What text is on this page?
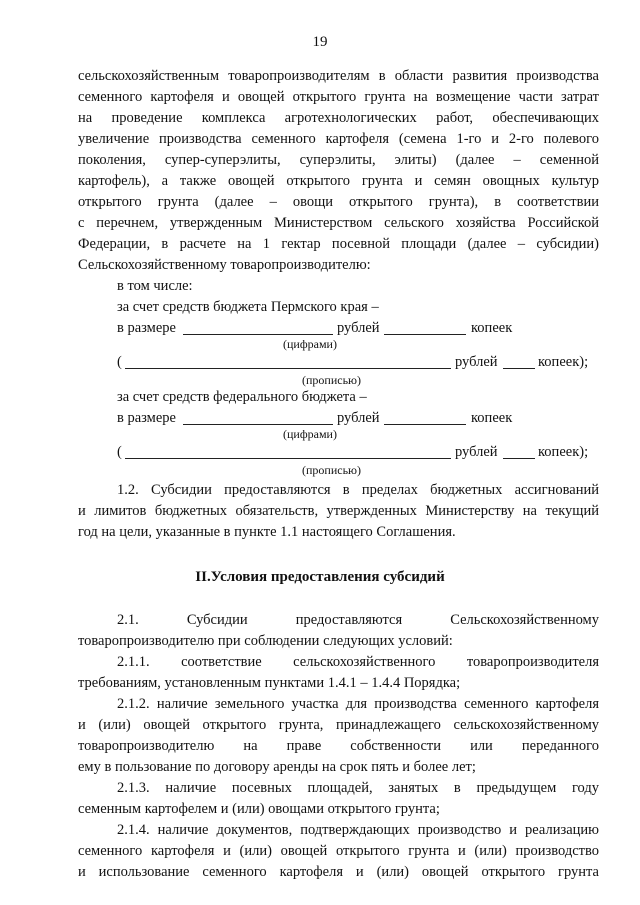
19
сельскохозяйственным товаропроизводителям в области развития производства
семенного картофеля и овощей открытого грунта на возмещение части затрат
на проведение комплекса агротехнологических работ, обеспечивающих
увеличение производства семенного картофеля (семена 1-го и 2-го полевого
поколения, супер-суперэлиты, суперэлиты, элиты) (далее – семенной
картофель), а также овощей открытого грунта и семян овощных культур
открытого грунта (далее – овощи открытого грунта), в соответствии
с перечнем, утвержденным Министерством сельского хозяйства Российской
Федерации, в расчете на 1 гектар посевной площади (далее – субсидии)
Сельскохозяйственному товаропроизводителю:
в том числе:
за счет средств бюджета Пермского края –
в размере	рублей	копеек
(цифрами)
(	рублей	копеек);
(прописью)
за счет средств федерального бюджета –
в размере	рублей	копеек
(цифрами)
(	рублей	копеек);
(прописью)
1.2. Субсидии предоставляются в пределах бюджетных ассигнований
и лимитов бюджетных обязательств, утвержденных Министерству на текущий
год на цели, указанные в пункте 1.1 настоящего Соглашения.
II.Условия предоставления субсидий
2.1. Субсидии предоставляются Сельскохозяйственному
товаропроизводителю при соблюдении следующих условий:
2.1.1. соответствие сельскохозяйственного товаропроизводителя
требованиям, установленным пунктами 1.4.1 – 1.4.4 Порядка;
2.1.2. наличие земельного участка для производства семенного картофеля
и (или) овощей открытого грунта, принадлежащего сельскохозяйственному
товаропроизводителю на праве собственности или переданного
ему в пользование по договору аренды на срок пять и более лет;
2.1.3. наличие посевных площадей, занятых в предыдущем году
семенным картофелем и (или) овощами открытого грунта;
2.1.4. наличие документов, подтверждающих производство и реализацию
семенного картофеля и (или) овощей открытого грунта и (или) производство
и использование семенного картофеля и (или) овощей открытого грунта
